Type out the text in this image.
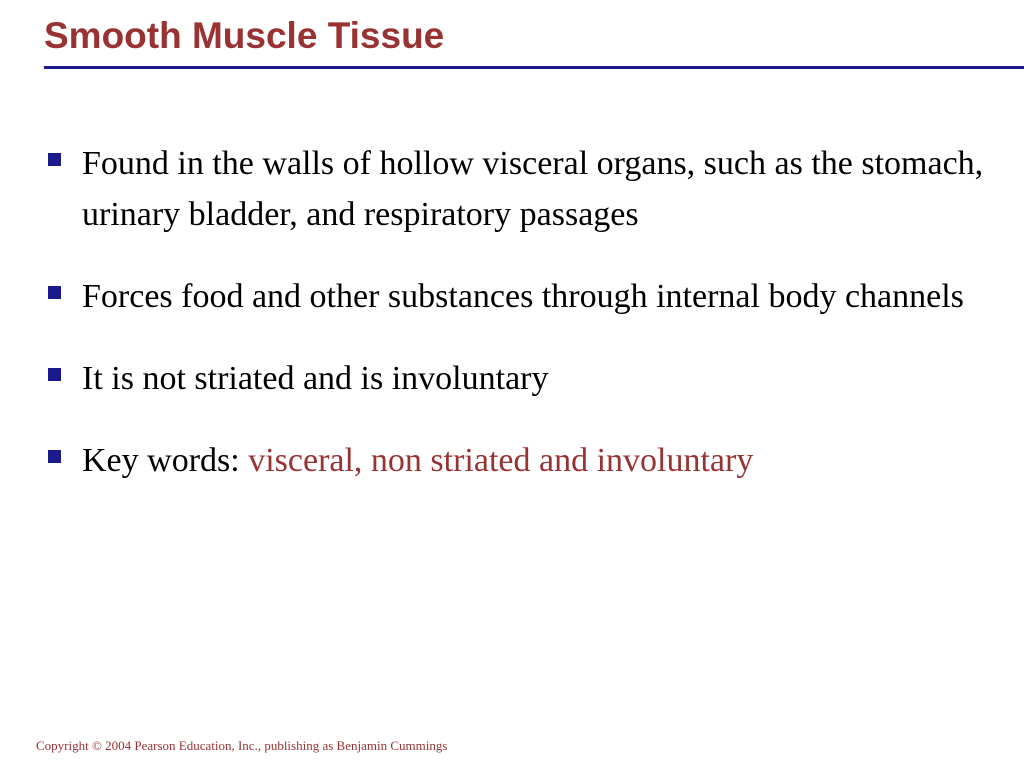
Smooth Muscle Tissue
Found in the walls of hollow visceral organs, such as the stomach, urinary bladder, and respiratory passages
Forces food and other substances through internal body channels
It is not striated and is involuntary
Key words: visceral, non striated and involuntary
Copyright © 2004 Pearson Education, Inc., publishing as Benjamin Cummings
